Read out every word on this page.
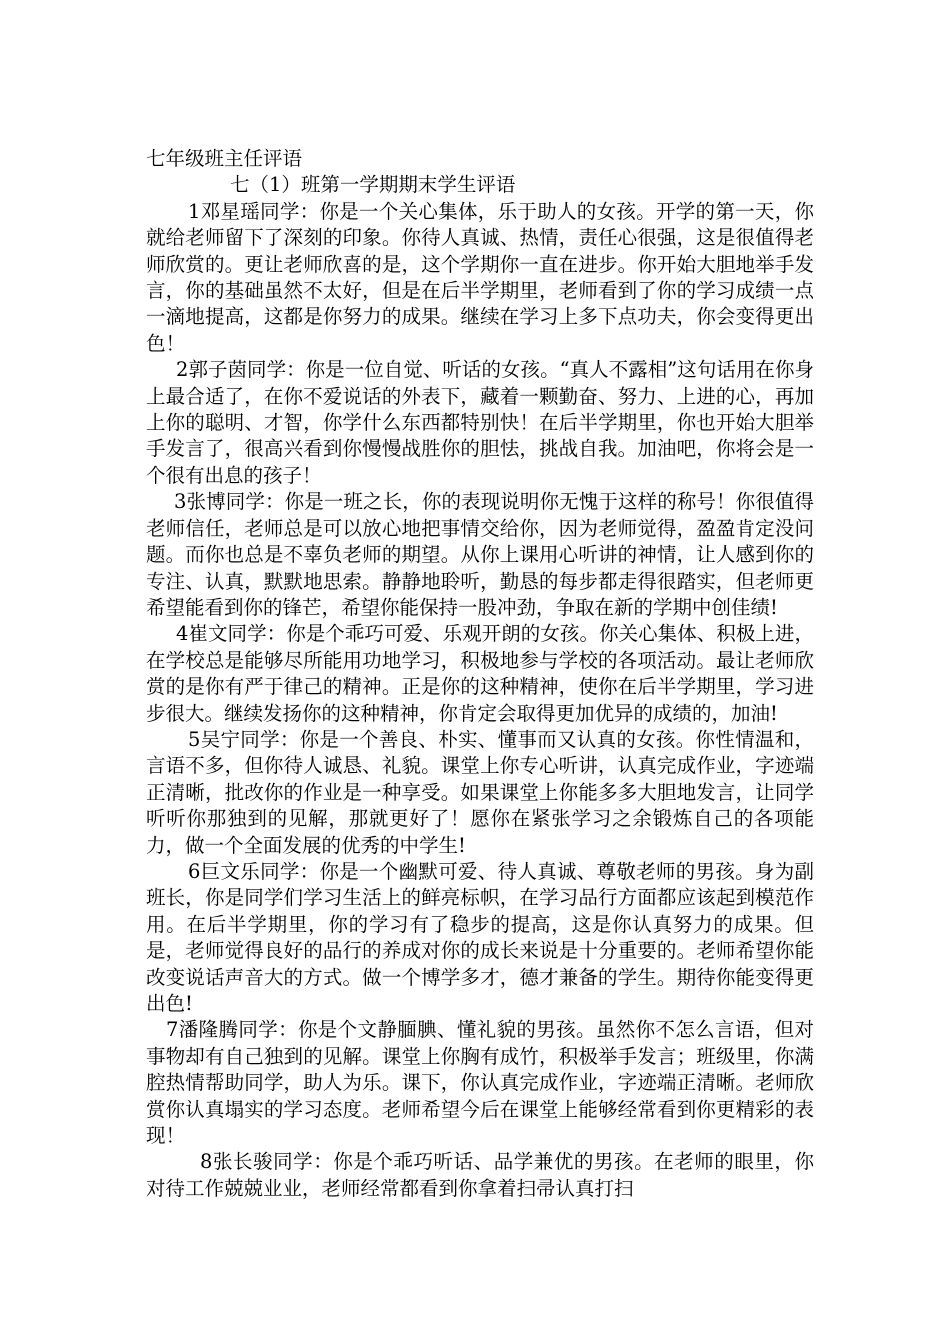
七年级班主任评语
七（1）班第一学期期末学生评语

1邓星瑶同学：你是一个关心集体，乐于助人的女孩。开学的第一天，你就给老师留下了深刻的印象。你待人真诚、热情，责任心很强，这是很值得老师欣赏的。更让老师欣喜的是，这个学期你一直在进步。你开始大胆地举手发言，你的基础虽然不太好，但是在后半学期里，老师看到了你的学习成绩一点一滴地提高，这都是你努力的成果。继续在学习上多下点功夫，你会变得更出色！

2郭子茵同学：你是一位自觉、听话的女孩。“真人不露相”这句话用在你身上最合适了，在你不爱说话的外表下，藏着一颗勤奋、努力、上进的心，再加上你的聪明、才智，你学什么东西都特别快！在后半学期里，你也开始大胆举手发言了，很高兴看到你慢慢战胜你的胆怯，挑战自我。加油吧，你将会是一个很有出息的孩子！

3张博同学：你是一班之长，你的表现说明你无愧于这样的称号！你很值得老师信任，老师总是可以放心地把事情交给你，因为老师觉得，盈盈肯定没问题。而你也总是不辜负老师的期望。从你上课用心听讲的神情，让人感到你的专注、认真，默默地思索。静静地聆听，勤恳的每步都走得很踏实，但老师更希望能看到你的锋芒，希望你能保持一股冲劲，争取在新的学期中创佳绩!

4崔文同学：你是个乖巧可爱、乐观开朗的女孩。你关心集体、积极上进，在学校总是能够尽所能用功地学习，积极地参与学校的各项活动。最让老师欣赏的是你有严于律己的精神。正是你的这种精神，使你在后半学期里，学习进步很大。继续发扬你的这种精神，你肯定会取得更加优异的成绩的，加油!

5吴宁同学：你是一个善良、朴实、懂事而又认真的女孩。你性情温和，言语不多，但你待人诚恳、礼貌。课堂上你专心听讲，认真完成作业，字迹端正清晰，批改你的作业是一种享受。如果课堂上你能多多大胆地发言，让同学听听你那独到的见解，那就更好了！愿你在紧张学习之余锻炼自己的各项能力，做一个全面发展的优秀的中学生!

6巨文乐同学：你是一个幽默可爱、待人真诚、尊敬老师的男孩。身为副班长，你是同学们学习生活上的鲜亮标帜，在学习品行方面都应该起到模范作用。在后半学期里，你的学习有了稳步的提高，这是你认真努力的成果。但是，老师觉得良好的品行的养成对你的成长来说是十分重要的。老师希望你能改变说话声音大的方式。做一个博学多才，德才兼备的学生。期待你能变得更出色!

7潘隆腾同学：你是个文静腼腆、懂礼貌的男孩。虽然你不怎么言语，但对事物却有自己独到的见解。课堂上你胸有成竹，积极举手发言；班级里，你满腔热情帮助同学，助人为乐。课下，你认真完成作业，字迹端正清晰。老师欣赏你认真塌实的学习态度。老师希望今后在课堂上能够经常看到你更精彩的表现！

8张长骏同学：你是个乖巧听话、品学兼优的男孩。在老师的眼里，你对待工作兢兢业业，老师经常都看到你拿着扫帚认真打扫
